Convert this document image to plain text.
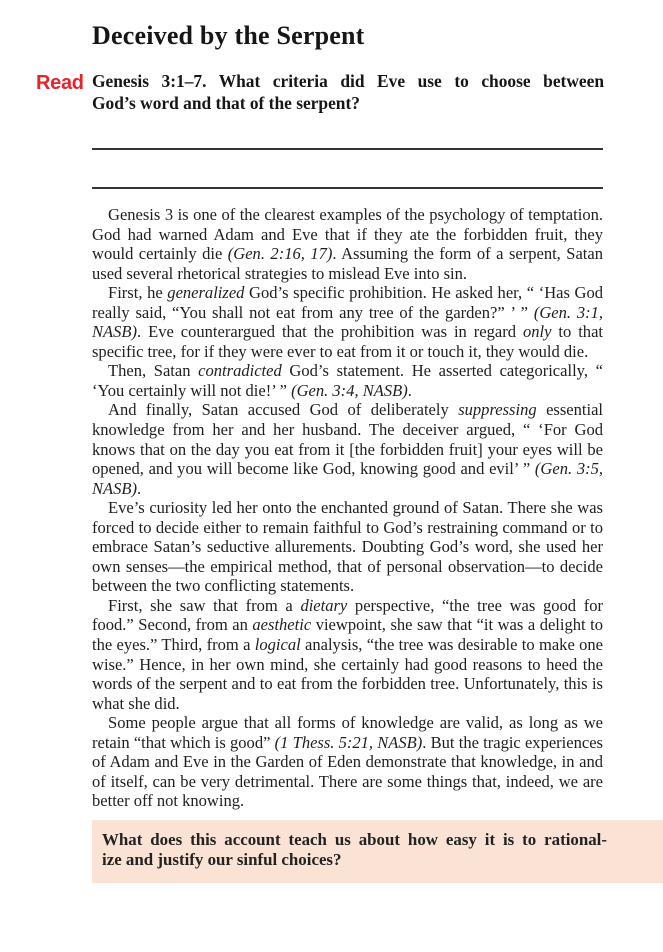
Deceived by the Serpent
Read Genesis 3:1–7. What criteria did Eve use to choose between
God’s word and that of the serpent?

Genesis 3 is one of the clearest examples of the psychology of temptation. God had warned Adam and Eve that if they ate the forbidden fruit, they would certainly die (Gen. 2:16, 17). Assuming the form of a serpent, Satan used several rhetorical strategies to mislead Eve into sin.

First, he generalized God’s specific prohibition. He asked her, “ ‘Has God really said, “You shall not eat from any tree of the garden?” ’ ” (Gen. 3:1, NASB). Eve counterargued that the prohibition was in regard only to that specific tree, for if they were ever to eat from it or touch it, they would die.

Then, Satan contradicted God’s statement. He asserted categorically, “ ‘You certainly will not die!’ ” (Gen. 3:4, NASB).

And finally, Satan accused God of deliberately suppressing essential knowledge from her and her husband. The deceiver argued, “ ‘For God knows that on the day you eat from it [the forbidden fruit] your eyes will be opened, and you will become like God, knowing good and evil’ ” (Gen. 3:5, NASB).

Eve’s curiosity led her onto the enchanted ground of Satan. There she was forced to decide either to remain faithful to God’s restraining command or to embrace Satan’s seductive allurements. Doubting God’s word, she used her own senses—the empirical method, that of personal observation—to decide between the two conflicting statements.

First, she saw that from a dietary perspective, “the tree was good for food.” Second, from an aesthetic viewpoint, she saw that “it was a delight to the eyes.” Third, from a logical analysis, “the tree was desirable to make one wise.” Hence, in her own mind, she certainly had good reasons to heed the words of the serpent and to eat from the forbidden tree. Unfortunately, this is what she did.

Some people argue that all forms of knowledge are valid, as long as we retain “that which is good” (1 Thess. 5:21, NASB). But the tragic experiences of Adam and Eve in the Garden of Eden demonstrate that knowledge, in and of itself, can be very detrimental. There are some things that, indeed, we are better off not knowing.

What does this account teach us about how easy it is to rational-
ize and justify our sinful choices?
